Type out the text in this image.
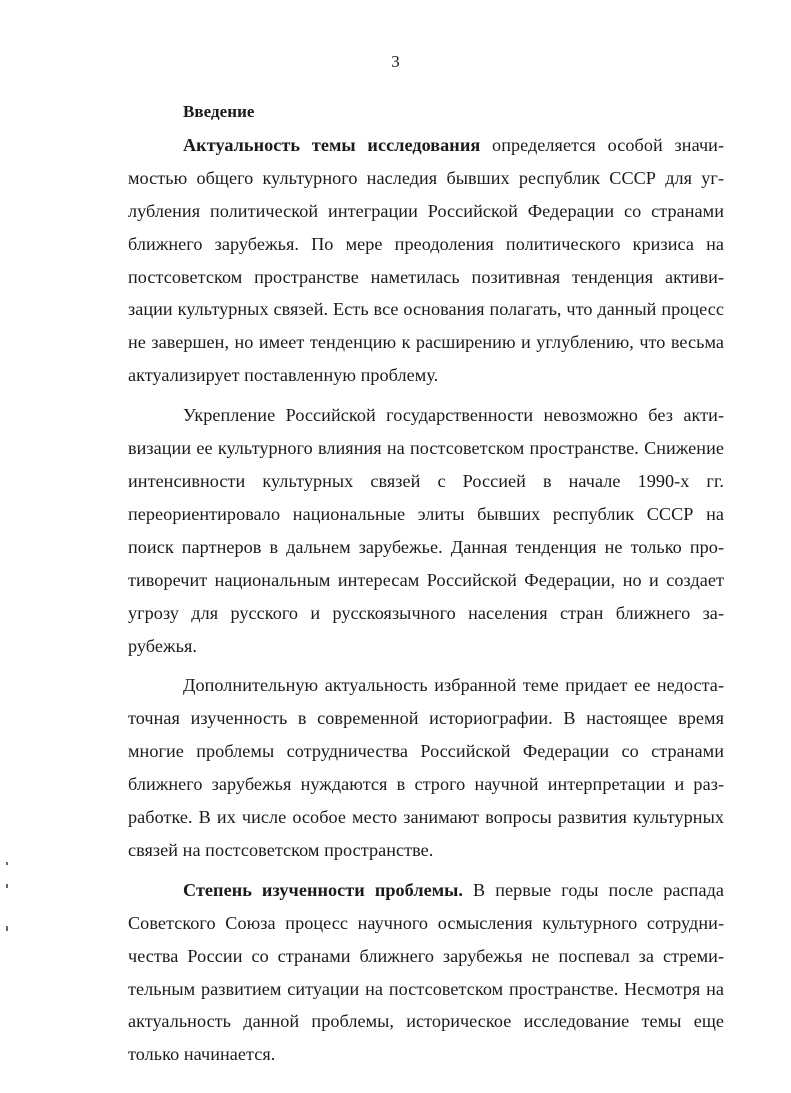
3

Введение

Актуальность темы исследования определяется особой значимостью общего культурного наследия бывших республик СССР для углубления политической интеграции Российской Федерации со странами ближнего зарубежья. По мере преодоления политического кризиса на постсоветском пространстве наметилась позитивная тенденция активизации культурных связей. Есть все основания полагать, что данный процесс не завершен, но имеет тенденцию к расширению и углублению, что весьма актуализирует поставленную проблему.

Укрепление Российской государственности невозможно без активизации ее культурного влияния на постсоветском пространстве. Снижение интенсивности культурных связей с Россией в начале 1990-х гг. переориентировало национальные элиты бывших республик СССР на поиск партнеров в дальнем зарубежье. Данная тенденция не только противоречит национальным интересам Российской Федерации, но и создает угрозу для русского и русскоязычного населения стран ближнего зарубежья.

Дополнительную актуальность избранной теме придает ее недостаточная изученность в современной историографии. В настоящее время многие проблемы сотрудничества Российской Федерации со странами ближнего зарубежья нуждаются в строго научной интерпретации и разработке. В их числе особое место занимают вопросы развития культурных связей на постсоветском пространстве.

Степень изученности проблемы. В первые годы после распада Советского Союза процесс научного осмысления культурного сотрудничества России со странами ближнего зарубежья не поспевал за стремительным развитием ситуации на постсоветском пространстве. Несмотря на актуальность данной проблемы, историческое исследование темы еще только начинается.
